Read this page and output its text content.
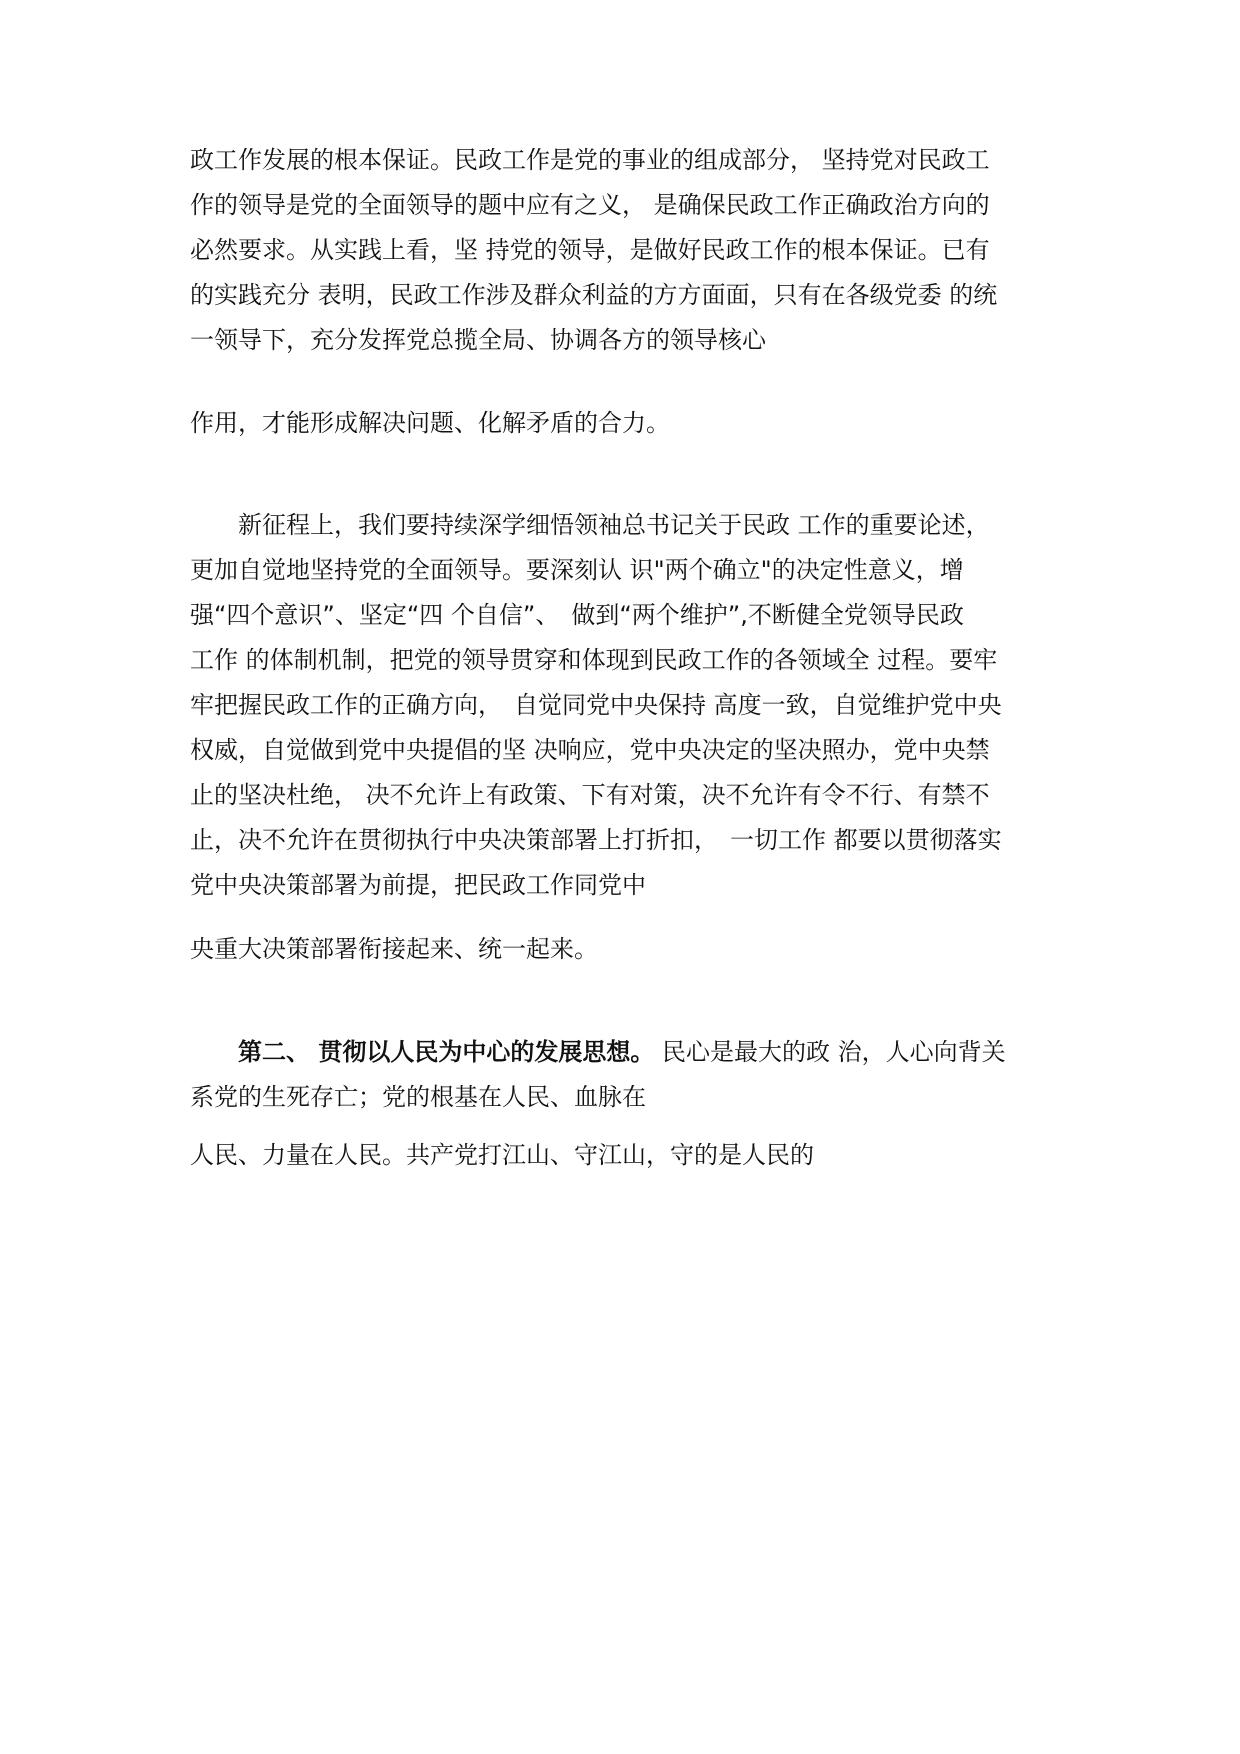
政工作发展的根本保证。民政工作是党的事业的组成部分， 坚持党对民政工
作的领导是党的全面领导的题中应有之义， 是确保民政工作正确政治方向的
必然要求。从实践上看，坚 持党的领导，是做好民政工作的根本保证。已有
的实践充分 表明，民政工作涉及群众利益的方方面面，只有在各级党委 的统
一领导下，充分发挥党总揽全局、协调各方的领导核心
作用，才能形成解决问题、化解矛盾的合力。
　　新征程上，我们要持续深学细悟领袖总书记关于民政 工作的重要论述，
更加自觉地坚持党的全面领导。要深刻认 识"两个确立"的决定性意义，增
强“四个意识”、坚定“四 个自信”、　做到“两个维护”,不断健全党领导民政
工作 的体制机制，把党的领导贯穿和体现到民政工作的各领域全 过程。要牢
牢把握民政工作的正确方向，　自觉同党中央保持 高度一致，自觉维护党中央
权威，自觉做到党中央提倡的坚 决响应，党中央决定的坚决照办，党中央禁
止的坚决杜绝， 决不允许上有政策、下有对策，决不允许有令不行、有禁不
止，决不允许在贯彻执行中央决策部署上打折扣，　一切工作 都要以贯彻落实
党中央决策部署为前提，把民政工作同党中
央重大决策部署衔接起来、统一起来。
　　第二、 贯彻以人民为中心的发展思想。 民心是最大的政 治，人心向背关
系党的生死存亡；党的根基在人民、血脉在
人民、力量在人民。共产党打江山、守江山，守的是人民的
